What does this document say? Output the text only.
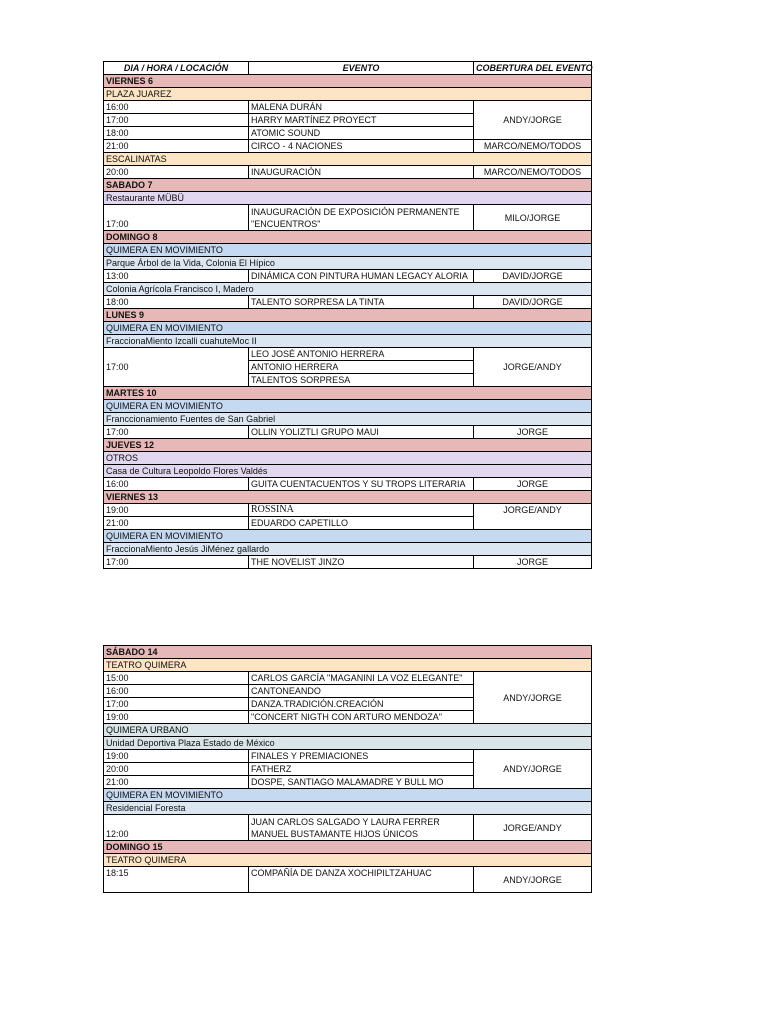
DIA / HORA / LOCACIÓN	EVENTO	COBERTURA DEL EVENTO
VIERNES 6		
PLAZA JUAREZ		
16:00	MALENA DURÁN	ANDY/JORGE
17:00	HARRY MARTÍNEZ PROYECT	
18:00	ATOMIC SOUND	
21:00	CIRCO - 4 NACIONES	MARCO/NEMO/TODOS
ESCALINATAS		
20:00	INAUGURACIÓN	MARCO/NEMO/TODOS
SABADO 7		
Restaurante MÜBÜ		
17:00	INAUGURACIÓN DE EXPOSICIÓN PERMANENTE "ENCUENTROS"	MILO/JORGE
DOMINGO 8		
QUIMERA EN MOVIMIENTO		
Parque Árbol de la Vida, Colonia El Hípico		
13:00	DINÁMICA CON PINTURA HUMAN LEGACY ALORIA	DAVID/JORGE
Colonia Agrícola Francisco I, Madero		
18:00	TALENTO SORPRESA LA TINTA	DAVID/JORGE
LUNES 9		
QUIMERA EN MOVIMIENTO		
FraccionaMiento Izcalli cuahuteMoc II		
17:00	LEO JOSÉ ANTONIO HERRERA	JORGE/ANDY
	ANTONIO HERRERA	
	TALENTOS SORPRESA	
MARTES 10		
QUIMERA EN MOVIMIENTO		
Franccionamiento Fuentes de San Gabriel		
17:00	OLLIN YOLIZTLI GRUPO MAUI	JORGE
JUEVES 12		
OTROS		
Casa de Cultura Leopoldo Flores Valdés		
16:00	GUITA CUENTACUENTOS Y SU TROPS LITERARIA	JORGE
VIERNES 13		
19:00	ROSSINA	JORGE/ANDY
21:00	EDUARDO CAPETILLO	
QUIMERA EN MOVIMIENTO		
FraccionaMiento Jesús JiMénez gallardo		
17:00	THE NOVELIST JINZO	JORGE
SÁBADO 14		
TEATRO QUIMERA		
15:00	CARLOS GARCÍA "MAGANINI LA VOZ ELEGANTE"	ANDY/JORGE
16:00	CANTONEANDO	
17:00	DANZA.TRADICIÓN.CREACIÓN	
19:00	"CONCERT NIGTH CON ARTURO MENDOZA"	
QUIMERA URBANO		
Unidad Deportiva Plaza Estado de México		
19:00	FINALES Y PREMIACIONES	ANDY/JORGE
20:00	FATHERZ	
21:00	DOSPE, SANTIAGO MALAMADRE Y BULL MO	
QUIMERA EN MOVIMIENTO		
Residencial Foresta		
12:00	JUAN CARLOS SALGADO Y LAURA FERRER MANUEL BUSTAMANTE HIJOS ÚNICOS	JORGE/ANDY
DOMINGO 15		
TEATRO QUIMERA		
18:15	COMPAÑÍA DE DANZA XOCHIPILTZAHUAC	ANDY/JORGE
